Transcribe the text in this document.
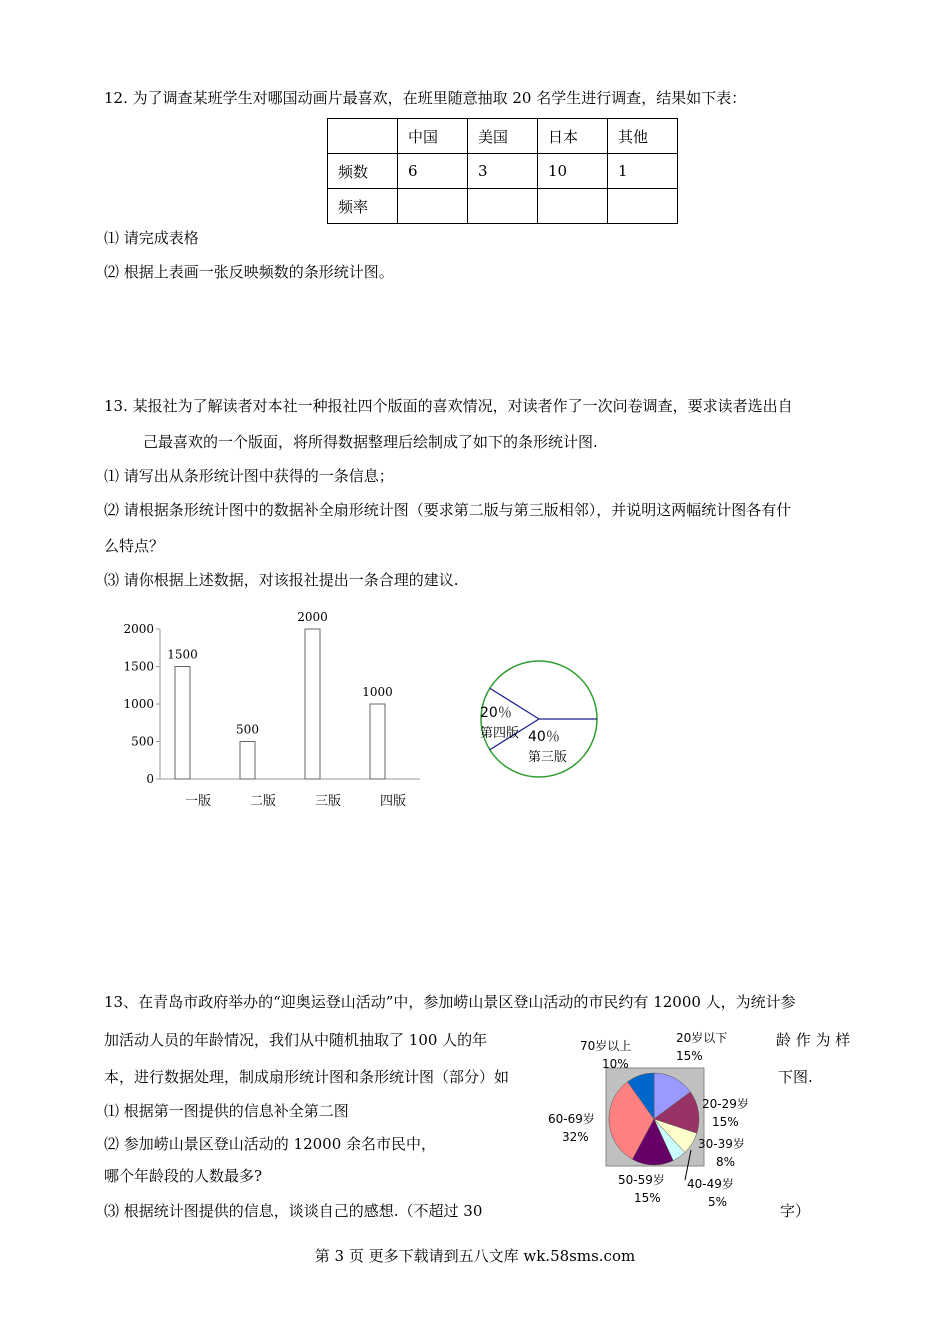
12. 为了调查某班学生对哪国动画片最喜欢，在班里随意抽取 20 名学生进行调查，结果如下表：
	中国	美国	日本	其他
频数	6	3	10	1
频率				
⑴ 请完成表格
⑵ 根据上表画一张反映频数的条形统计图。
13. 某报社为了解读者对本社一种报社四个版面的喜欢情况，对读者作了一次问卷调查，要求读者选出自
己最喜欢的一个版面，将所得数据整理后绘制成了如下的条形统计图.
⑴ 请写出从条形统计图中获得的一条信息；
⑵ 请根据条形统计图中的数据补全扇形统计图（要求第二版与第三版相邻），并说明这两幅统计图各有什
么特点？
⑶ 请你根据上述数据，对该报社提出一条合理的建议.
0
500
1000
1500
2000
1500
一版
500
二版
2000
三版
1000
四版
20％
第四版 40％
第三版
13、在青岛市政府举办的“迎奥运登山活动”中，参加崂山景区登山活动的市民约有 12000 人，为统计参
加活动人员的年龄情况，我们从中随机抽取了 100 人的年	龄 作 为 样
本，进行数据处理，制成扇形统计图和条形统计图（部分）如	下图.
⑴ 根据第一图提供的信息补全第二图
⑵ 参加崂山景区登山活动的 12000 余名市民中，
哪个年龄段的人数最多?
⑶ 根据统计图提供的信息，谈谈自己的感想.（不超过 30	字）
20岁以下
15%
20-29岁
15%
30-39岁
8%
40-49岁
5%
50-59岁
15%
60-69岁
32%
70岁以上
10%
第 3 页 更多下载请到五八文库 wk.58sms.com
